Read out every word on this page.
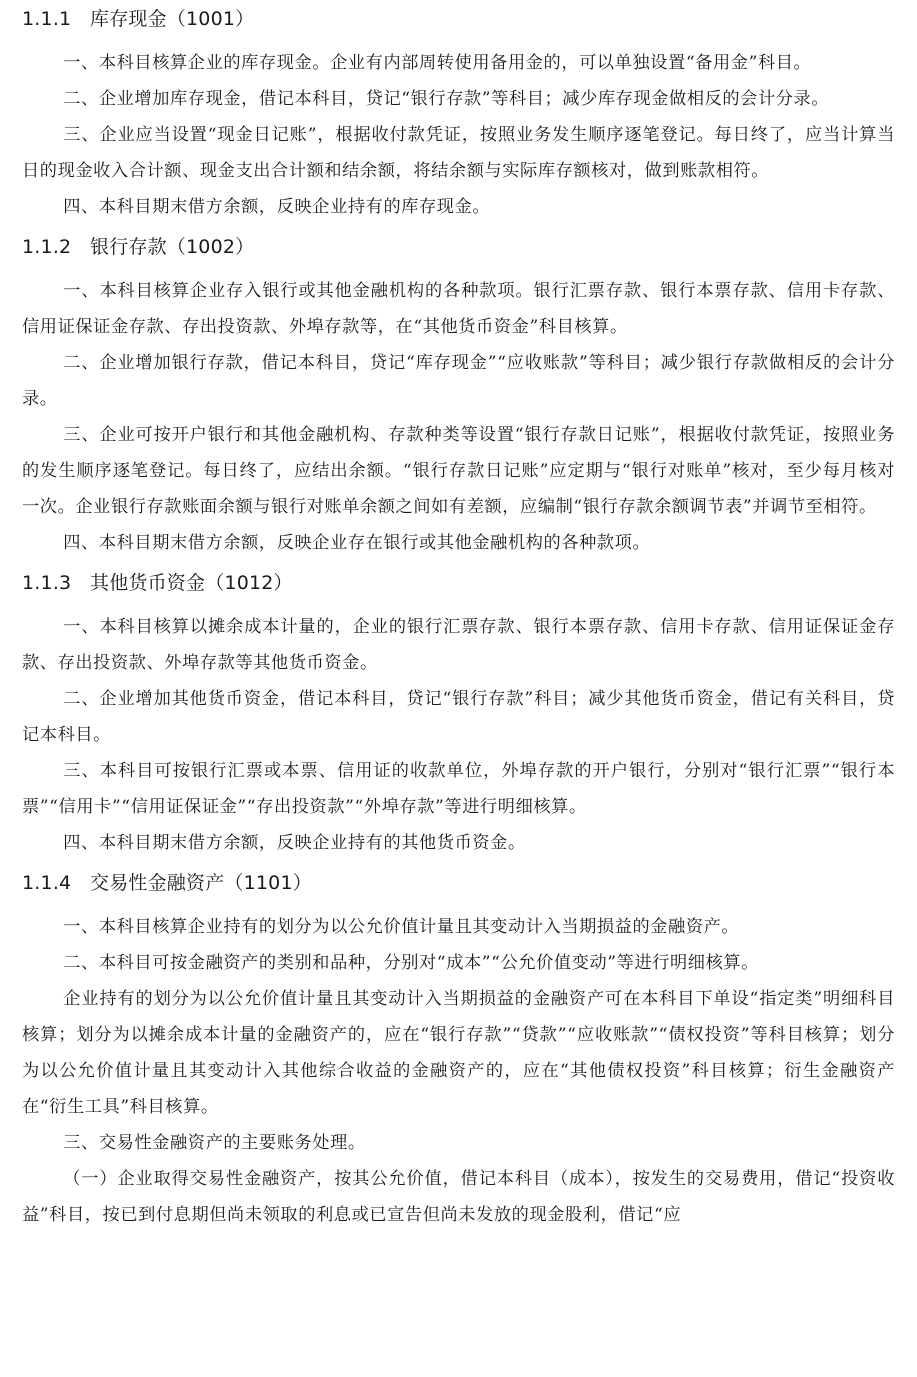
1.1.1 库存现金（1001）

一、本科目核算企业的库存现金。企业有内部周转使用备用金的，可以单独设置“备用金”科目。

二、企业增加库存现金，借记本科目，贷记“银行存款”等科目；减少库存现金做相反的会计分录。

三、企业应当设置“现金日记账”，根据收付款凭证，按照业务发生顺序逐笔登记。每日终了，应当计算当日的现金收入合计额、现金支出合计额和结余额，将结余额与实际库存额核对，做到账款相符。

四、本科目期末借方余额，反映企业持有的库存现金。

1.1.2 银行存款（1002）

一、本科目核算企业存入银行或其他金融机构的各种款项。银行汇票存款、银行本票存款、信用卡存款、信用证保证金存款、存出投资款、外埠存款等，在“其他货币资金”科目核算。

二、企业增加银行存款，借记本科目，贷记“库存现金”“应收账款”等科目；减少银行存款做相反的会计分录。

三、企业可按开户银行和其他金融机构、存款种类等设置“银行存款日记账”，根据收付款凭证，按照业务的发生顺序逐笔登记。每日终了，应结出余额。“银行存款日记账”应定期与“银行对账单”核对，至少每月核对一次。企业银行存款账面余额与银行对账单余额之间如有差额，应编制“银行存款余额调节表”并调节至相符。

四、本科目期末借方余额，反映企业存在银行或其他金融机构的各种款项。

1.1.3 其他货币资金（1012）

一、本科目核算以摊余成本计量的，企业的银行汇票存款、银行本票存款、信用卡存款、信用证保证金存款、存出投资款、外埠存款等其他货币资金。

二、企业增加其他货币资金，借记本科目，贷记“银行存款”科目；减少其他货币资金，借记有关科目，贷记本科目。

三、本科目可按银行汇票或本票、信用证的收款单位，外埠存款的开户银行，分别对“银行汇票”“银行本票”“信用卡”“信用证保证金”“存出投资款”“外埠存款”等进行明细核算。

四、本科目期末借方余额，反映企业持有的其他货币资金。

1.1.4 交易性金融资产（1101）

一、本科目核算企业持有的划分为以公允价值计量且其变动计入当期损益的金融资产。

二、本科目可按金融资产的类别和品种，分别对“成本”“公允价值变动”等进行明细核算。

企业持有的划分为以公允价值计量且其变动计入当期损益的金融资产可在本科目下单设“指定类”明细科目核算；划分为以摊余成本计量的金融资产的，应在“银行存款”“贷款”“应收账款”“债权投资”等科目核算；划分为以公允价值计量且其变动计入其他综合收益的金融资产的，应在“其他债权投资”科目核算；衍生金融资产在“衍生工具”科目核算。

三、交易性金融资产的主要账务处理。

（一）企业取得交易性金融资产，按其公允价值，借记本科目（成本），按发生的交易费用，借记“投资收益”科目，按已到付息期但尚未领取的利息或已宣告但尚未发放的现金股利，借记“应
